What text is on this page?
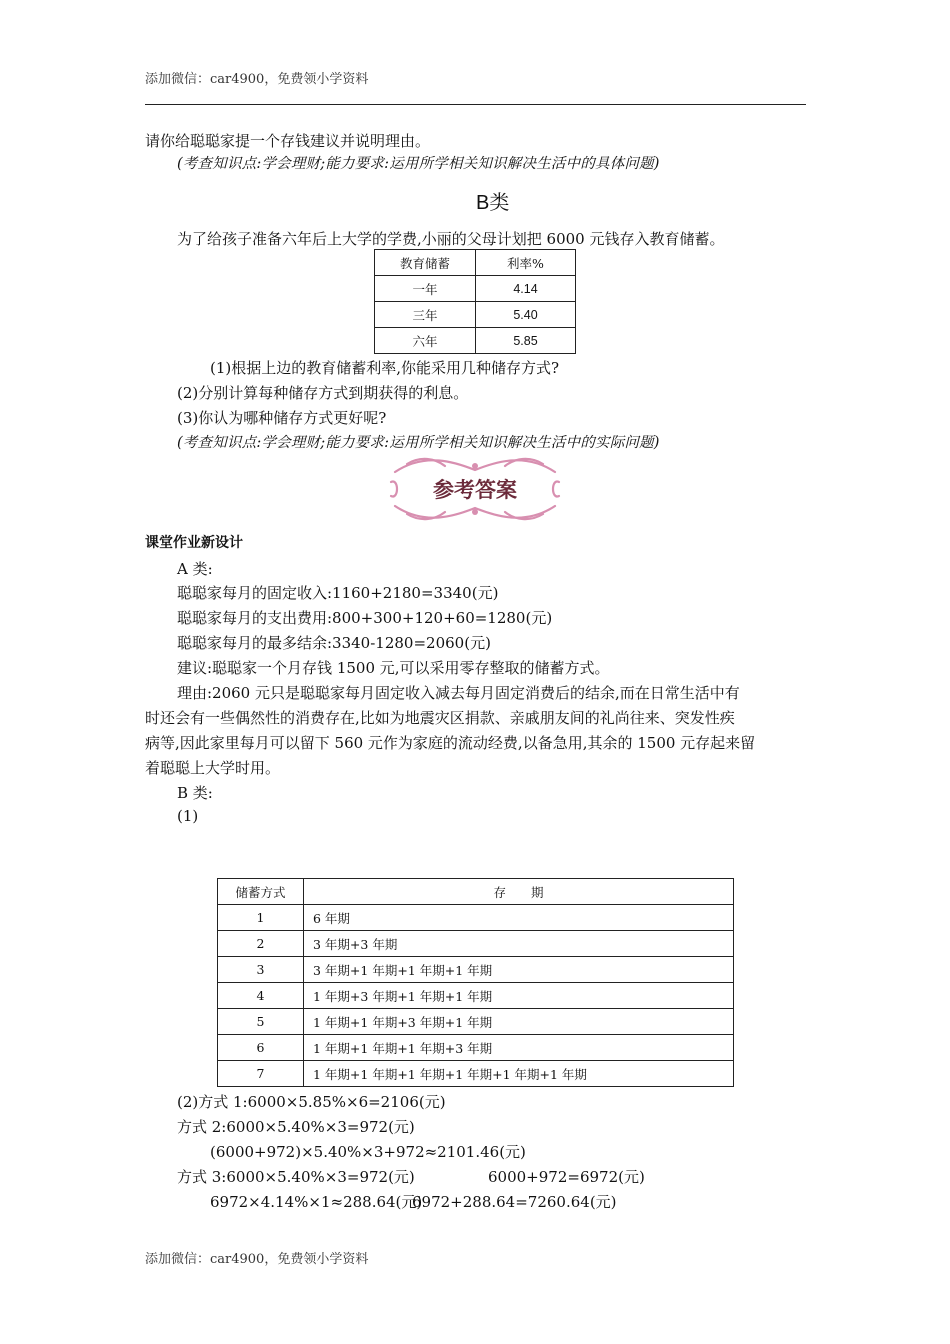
添加微信：car4900，免费领小学资料
请你给聪聪家提一个存钱建议并说明理由。
(考查知识点:学会理财;能力要求:运用所学相关知识解决生活中的具体问题)
B类
为了给孩子准备六年后上大学的学费,小丽的父母计划把 6000 元钱存入教育储蓄。
教育储蓄	利率%
一年	4.14
三年	5.40
六年	5.85
(1)根据上边的教育储蓄利率,你能采用几种储存方式?
(2)分别计算每种储存方式到期获得的利息。
(3)你认为哪种储存方式更好呢?
(考查知识点:学会理财;能力要求:运用所学相关知识解决生活中的实际问题)
参考答案
课堂作业新设计
A 类:
聪聪家每月的固定收入:1160+2180=3340(元)
聪聪家每月的支出费用:800+300+120+60=1280(元)
聪聪家每月的最多结余:3340-1280=2060(元)
建议:聪聪家一个月存钱 1500 元,可以采用零存整取的储蓄方式。
理由:2060 元只是聪聪家每月固定收入减去每月固定消费后的结余,而在日常生活中有
时还会有一些偶然性的消费存在,比如为地震灾区捐款、亲戚朋友间的礼尚往来、突发性疾
病等,因此家里每月可以留下 560 元作为家庭的流动经费,以备急用,其余的 1500 元存起来留
着聪聪上大学时用。
B 类:
(1)
储蓄方式	存　　期
1	6 年期
2	3 年期+3 年期
3	3 年期+1 年期+1 年期+1 年期
4	1 年期+3 年期+1 年期+1 年期
5	1 年期+1 年期+3 年期+1 年期
6	1 年期+1 年期+1 年期+3 年期
7	1 年期+1 年期+1 年期+1 年期+1 年期+1 年期
(2)方式 1:6000×5.85%×6=2106(元)
方式 2:6000×5.40%×3=972(元)
(6000+972)×5.40%×3+972≈2101.46(元)
方式 3:6000×5.40%×3=972(元)	6000+972=6972(元)
6972×4.14%×1≈288.64(元)
6972+288.64=7260.64(元)
添加微信：car4900，免费领小学资料
